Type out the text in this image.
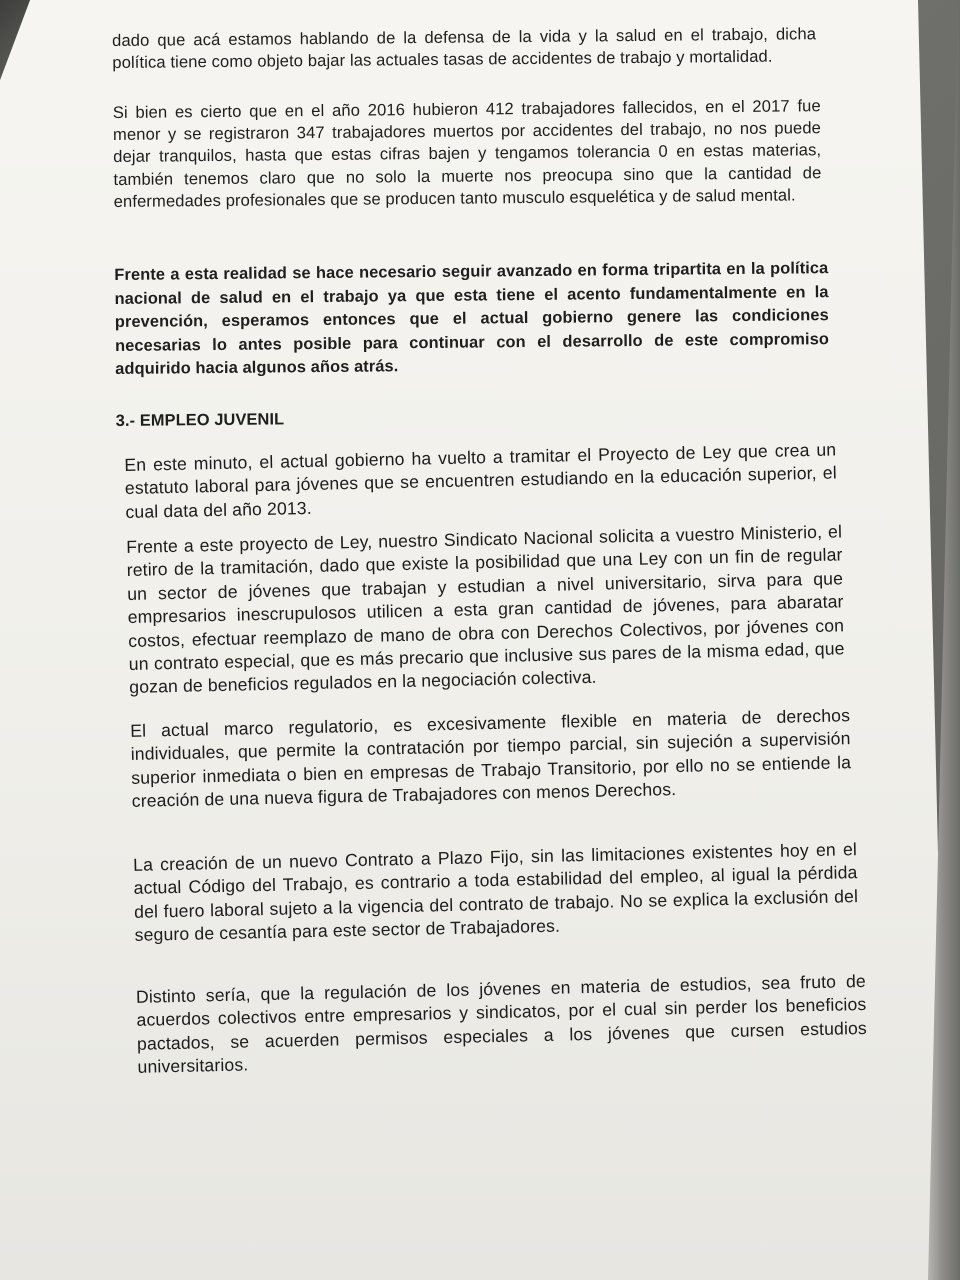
dado que acá estamos hablando de la defensa de la vida y la salud en el trabajo, dicha política tiene como objeto bajar las actuales tasas de accidentes de trabajo y mortalidad.

Si bien es cierto que en el año 2016 hubieron 412 trabajadores fallecidos, en el 2017 fue menor y se registraron 347 trabajadores muertos por accidentes del trabajo, no nos puede dejar tranquilos, hasta que estas cifras bajen y tengamos tolerancia 0 en estas materias, también tenemos claro que no solo la muerte nos preocupa sino que la cantidad de enfermedades profesionales que se producen tanto musculo esquelética y de salud mental.

Frente a esta realidad se hace necesario seguir avanzado en forma tripartita en la política nacional de salud en el trabajo ya que esta tiene el acento fundamentalmente en la prevención, esperamos entonces que el actual gobierno genere las condiciones necesarias lo antes posible para continuar con el desarrollo de este compromiso adquirido hacia algunos años atrás.

3.- EMPLEO JUVENIL

En este minuto, el actual gobierno ha vuelto a tramitar el Proyecto de Ley que crea un estatuto laboral para jóvenes que se encuentren estudiando en la educación superior, el cual data del año 2013.

Frente a este proyecto de Ley, nuestro Sindicato Nacional solicita a vuestro Ministerio, el retiro de la tramitación, dado que existe la posibilidad que una Ley con un fin de regular un sector de jóvenes que trabajan y estudian a nivel universitario, sirva para que empresarios inescrupulosos utilicen a esta gran cantidad de jóvenes, para abaratar costos, efectuar reemplazo de mano de obra con Derechos Colectivos, por jóvenes con un contrato especial, que es más precario que inclusive sus pares de la misma edad, que gozan de beneficios regulados en la negociación colectiva.

El actual marco regulatorio, es excesivamente flexible en materia de derechos individuales, que permite la contratación por tiempo parcial, sin sujeción a supervisión superior inmediata o bien en empresas de Trabajo Transitorio, por ello no se entiende la creación de una nueva figura de Trabajadores con menos Derechos.

La creación de un nuevo Contrato a Plazo Fijo, sin las limitaciones existentes hoy en el actual Código del Trabajo, es contrario a toda estabilidad del empleo, al igual la pérdida del fuero laboral sujeto a la vigencia del contrato de trabajo. No se explica la exclusión del seguro de cesantía para este sector de Trabajadores.

Distinto sería, que la regulación de los jóvenes en materia de estudios, sea fruto de acuerdos colectivos entre empresarios y sindicatos, por el cual sin perder los beneficios pactados, se acuerden permisos especiales a los jóvenes que cursen estudios universitarios.
